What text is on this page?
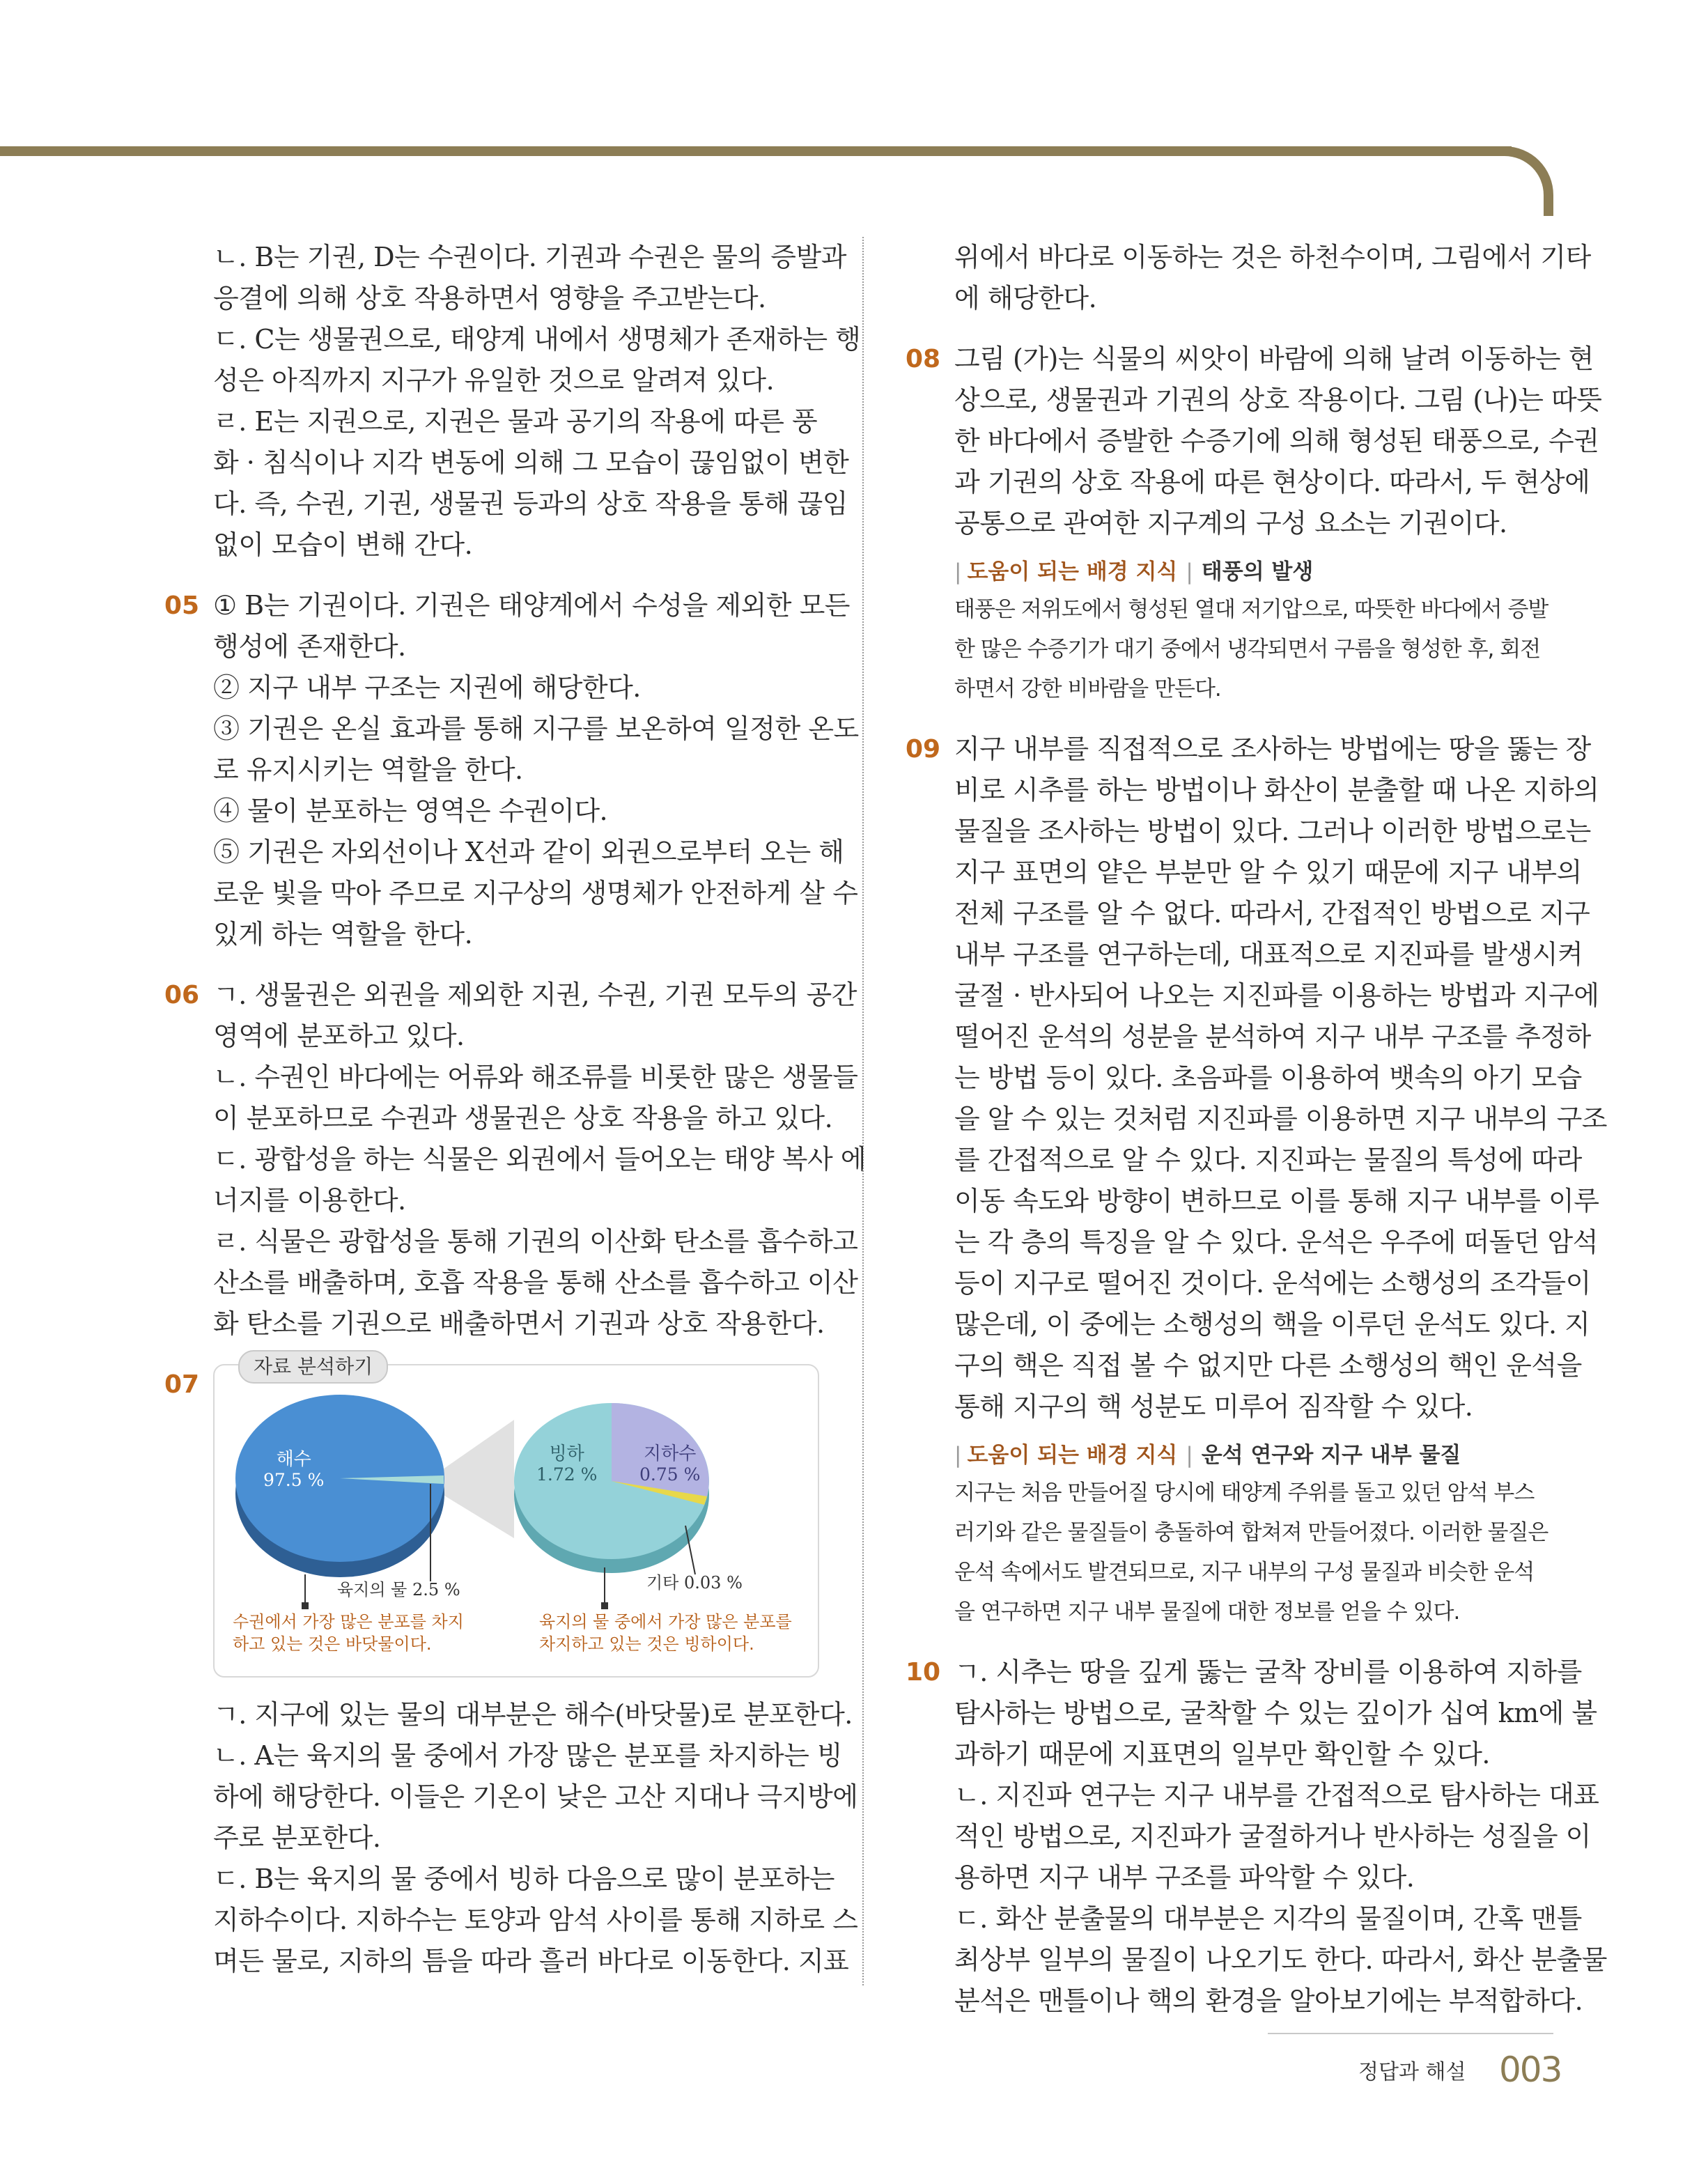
ㄴ. B는 기권, D는 수권이다. 기권과 수권은 물의 증발과

응결에 의해 상호 작용하면서 영향을 주고받는다.

ㄷ. C는 생물권으로, 태양계 내에서 생명체가 존재하는 행

성은 아직까지 지구가 유일한 것으로 알려져 있다.

ㄹ. E는 지권으로, 지권은 물과 공기의 작용에 따른 풍

화 · 침식이나 지각 변동에 의해 그 모습이 끊임없이 변한

다. 즉, 수권, 기권, 생물권 등과의 상호 작용을 통해 끊임

없이 모습이 변해 간다.

05 ① B는 기권이다. 기권은 태양계에서 수성을 제외한 모든

행성에 존재한다.

② 지구 내부 구조는 지권에 해당한다.

③ 기권은 온실 효과를 통해 지구를 보온하여 일정한 온도

로 유지시키는 역할을 한다.

④ 물이 분포하는 영역은 수권이다.

⑤ 기권은 자외선이나 X선과 같이 외권으로부터 오는 해

로운 빛을 막아 주므로 지구상의 생명체가 안전하게 살 수

있게 하는 역할을 한다.

06 ㄱ. 생물권은 외권을 제외한 지권, 수권, 기권 모두의 공간

영역에 분포하고 있다.

ㄴ. 수권인 바다에는 어류와 해조류를 비롯한 많은 생물들

이 분포하므로 수권과 생물권은 상호 작용을 하고 있다.

ㄷ. 광합성을 하는 식물은 외권에서 들어오는 태양 복사 에

너지를 이용한다.

ㄹ. 식물은 광합성을 통해 기권의 이산화 탄소를 흡수하고

산소를 배출하며, 호흡 작용을 통해 산소를 흡수하고 이산

화 탄소를 기권으로 배출하면서 기권과 상호 작용한다.

07
자료 분석하기
해수
97.5 %
빙하
1.72 %
지하수
0.75 %
육지의 물 2.5 %	기타 0.03 %
수권에서 가장 많은 분포를 차지
하고 있는 것은 바닷물이다.
육지의 물 중에서 가장 많은 분포를
차지하고 있는 것은 빙하이다.

ㄱ. 지구에 있는 물의 대부분은 해수(바닷물)로 분포한다.

ㄴ. A는 육지의 물 중에서 가장 많은 분포를 차지하는 빙

하에 해당한다. 이들은 기온이 낮은 고산 지대나 극지방에

주로 분포한다.

ㄷ. B는 육지의 물 중에서 빙하 다음으로 많이 분포하는

지하수이다. 지하수는 토양과 암석 사이를 통해 지하로 스

며든 물로, 지하의 틈을 따라 흘러 바다로 이동한다. 지표

위에서 바다로 이동하는 것은 하천수이며, 그림에서 기타

에 해당한다.

08 그림 (가)는 식물의 씨앗이 바람에 의해 날려 이동하는 현

상으로, 생물권과 기권의 상호 작용이다. 그림 (나)는 따뜻

한 바다에서 증발한 수증기에 의해 형성된 태풍으로, 수권

과 기권의 상호 작용에 따른 현상이다. 따라서, 두 현상에

공통으로 관여한 지구계의 구성 요소는 기권이다.

| 도움이 되는 배경 지식 | 태풍의 발생

태풍은 저위도에서 형성된 열대 저기압으로, 따뜻한 바다에서 증발

한 많은 수증기가 대기 중에서 냉각되면서 구름을 형성한 후, 회전

하면서 강한 비바람을 만든다.

09 지구 내부를 직접적으로 조사하는 방법에는 땅을 뚫는 장

비로 시추를 하는 방법이나 화산이 분출할 때 나온 지하의

물질을 조사하는 방법이 있다. 그러나 이러한 방법으로는

지구 표면의 얕은 부분만 알 수 있기 때문에 지구 내부의

전체 구조를 알 수 없다. 따라서, 간접적인 방법으로 지구

내부 구조를 연구하는데, 대표적으로 지진파를 발생시켜

굴절 · 반사되어 나오는 지진파를 이용하는 방법과 지구에

떨어진 운석의 성분을 분석하여 지구 내부 구조를 추정하

는 방법 등이 있다. 초음파를 이용하여 뱃속의 아기 모습

을 알 수 있는 것처럼 지진파를 이용하면 지구 내부의 구조

를 간접적으로 알 수 있다. 지진파는 물질의 특성에 따라

이동 속도와 방향이 변하므로 이를 통해 지구 내부를 이루

는 각 층의 특징을 알 수 있다. 운석은 우주에 떠돌던 암석

등이 지구로 떨어진 것이다. 운석에는 소행성의 조각들이

많은데, 이 중에는 소행성의 핵을 이루던 운석도 있다. 지

구의 핵은 직접 볼 수 없지만 다른 소행성의 핵인 운석을

통해 지구의 핵 성분도 미루어 짐작할 수 있다.

| 도움이 되는 배경 지식 | 운석 연구와 지구 내부 물질

지구는 처음 만들어질 당시에 태양계 주위를 돌고 있던 암석 부스

러기와 같은 물질들이 충돌하여 합쳐져 만들어졌다. 이러한 물질은

운석 속에서도 발견되므로, 지구 내부의 구성 물질과 비슷한 운석

을 연구하면 지구 내부 물질에 대한 정보를 얻을 수 있다.

10 ㄱ. 시추는 땅을 깊게 뚫는 굴착 장비를 이용하여 지하를

탐사하는 방법으로, 굴착할 수 있는 깊이가 십여 km에 불

과하기 때문에 지표면의 일부만 확인할 수 있다.

ㄴ. 지진파 연구는 지구 내부를 간접적으로 탐사하는 대표

적인 방법으로, 지진파가 굴절하거나 반사하는 성질을 이

용하면 지구 내부 구조를 파악할 수 있다.

ㄷ. 화산 분출물의 대부분은 지각의 물질이며, 간혹 맨틀

최상부 일부의 물질이 나오기도 한다. 따라서, 화산 분출물

분석은 맨틀이나 핵의 환경을 알아보기에는 부적합하다.

정답과 해설 003
